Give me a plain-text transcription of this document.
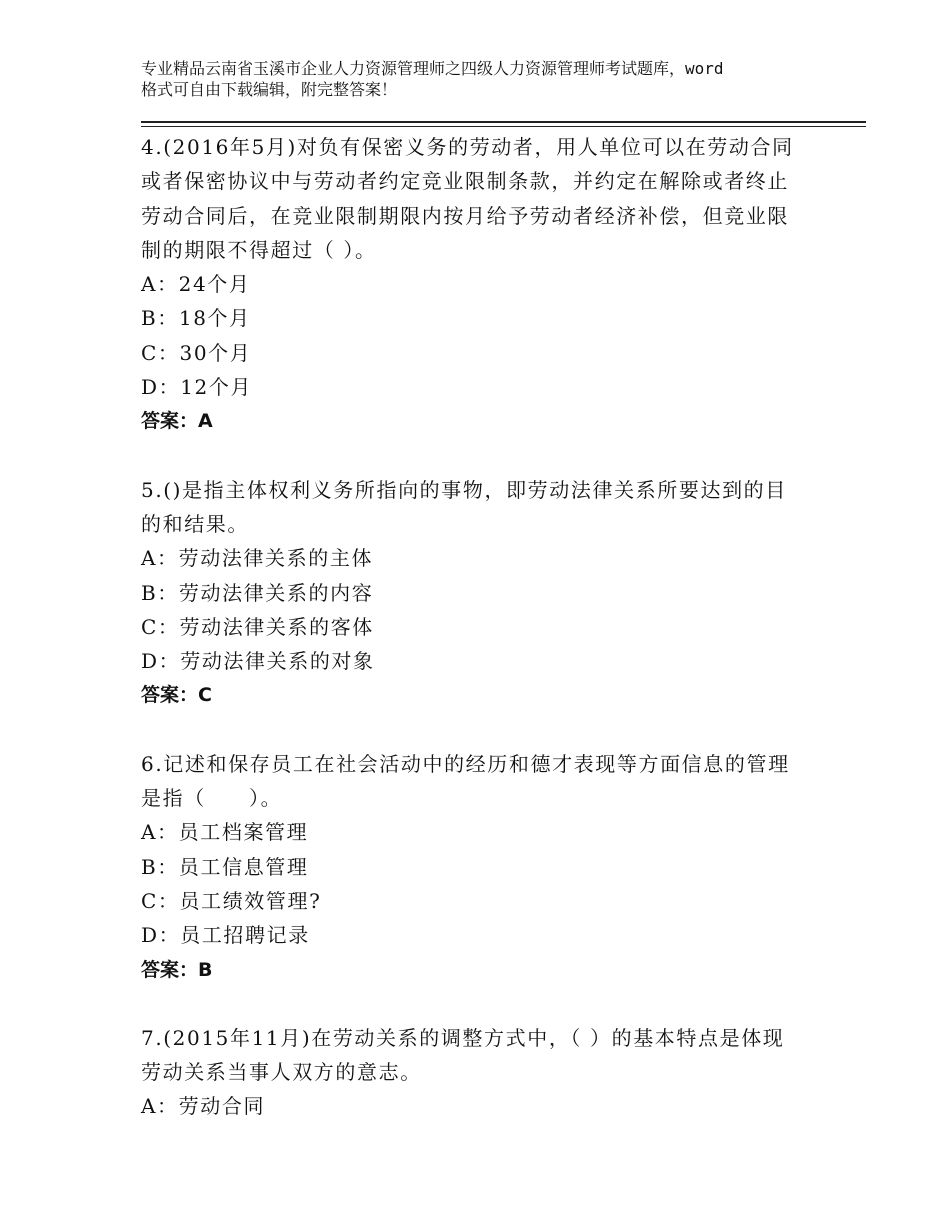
专业精品云南省玉溪市企业人力资源管理师之四级人力资源管理师考试题库，word
格式可自由下载编辑，附完整答案！
4.(2016年5月)对负有保密义务的劳动者，用人单位可以在劳动合同
或者保密协议中与劳动者约定竞业限制条款，并约定在解除或者终止
劳动合同后，在竞业限制期限内按月给予劳动者经济补偿，但竞业限
制的期限不得超过（ ）。
A：24个月
B：18个月
C：30个月
D：12个月
答案：A
5.()是指主体权利义务所指向的事物，即劳动法律关系所要达到的目
的和结果。
A：劳动法律关系的主体
B：劳动法律关系的内容
C：劳动法律关系的客体
D：劳动法律关系的对象
答案：C
6.记述和保存员工在社会活动中的经历和德才表现等方面信息的管理
是指（　　）。
A：员工档案管理
B：员工信息管理
C：员工绩效管理?
D：员工招聘记录
答案：B
7.(2015年11月)在劳动关系的调整方式中，（ ）的基本特点是体现
劳动关系当事人双方的意志。
A：劳动合同
